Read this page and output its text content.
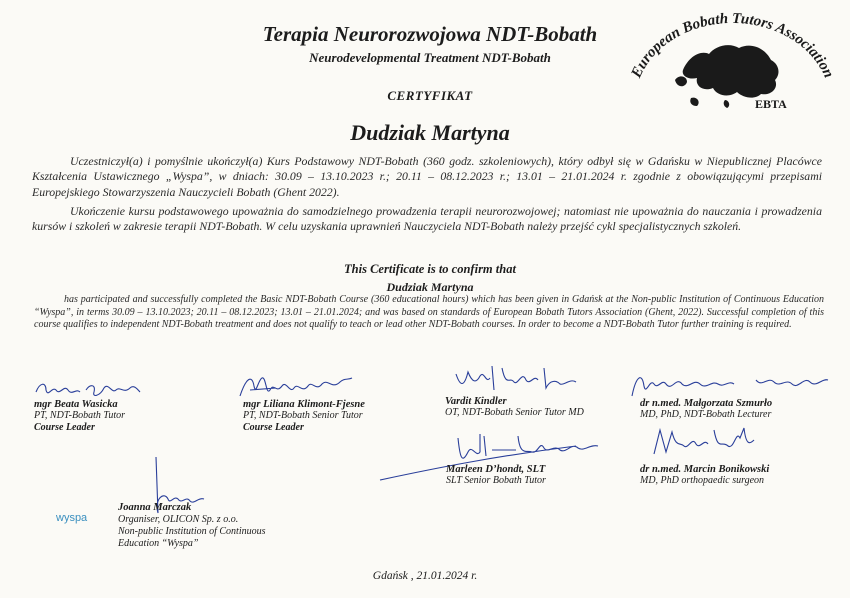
Terapia Neurorozwojowa NDT-Bobath
Neurodevelopmental Treatment NDT-Bobath
CERTYFIKAT
Dudziak Martyna
European Bobath Tutors Association
EBTA
Uczestniczył(a) i pomyślnie ukończył(a) Kurs Podstawowy NDT-Bobath (360 godz. szkoleniowych), który odbył się w Gdańsku w Niepublicznej Placówce Kształcenia Ustawicznego „Wyspa”, w dniach: 30.09 – 13.10.2023 r.; 20.11 – 08.12.2023 r.; 13.01 – 21.01.2024 r. zgodnie z obowiązującymi przepisami Europejskiego Stowarzyszenia Nauczycieli Bobath (Ghent 2022).
Ukończenie kursu podstawowego upoważnia do samodzielnego prowadzenia terapii neurorozwojowej; natomiast nie upoważnia do nauczania i prowadzenia kursów i szkoleń w zakresie terapii NDT-Bobath. W celu uzyskania uprawnień Nauczyciela NDT-Bobath należy przejść cykl specjalistycznych szkoleń.
This Certificate is to confirm that
Dudziak Martyna
has participated and successfully completed the Basic NDT-Bobath Course (360 educational hours) which has been given in Gdańsk at the Non-public Institution of Continuous Education “Wyspa”, in terms 30.09 – 13.10.2023; 20.11 – 08.12.2023; 13.01 – 21.01.2024; and was based on standards of European Bobath Tutors Association (Ghent, 2022). Successful completion of this course qualifies to independent NDT-Bobath treatment and does not qualify to teach or lead other NDT-Bobath courses. In order to become a NDT-Bobath Tutor further training is required.
mgr Beata Wasicka
PT, NDT-Bobath Tutor
Course Leader
mgr Liliana Klimont-Fjesne
PT, NDT-Bobath Senior Tutor
Course Leader
Vardit Kindler
OT, NDT-Bobath Senior Tutor MD
dr n.med. Małgorzata Szmurło
MD, PhD, NDT-Bobath Lecturer
Marleen D’hondt, SLT
SLT Senior Bobath Tutor
dr n.med. Marcin Bonikowski
MD, PhD orthopaedic surgeon
wyspa
Joanna Marczak
Organiser, OLICON Sp. z o.o.
Non-public Institution of Continuous
Education “Wyspa”
Gdańsk , 21.01.2024 r.
